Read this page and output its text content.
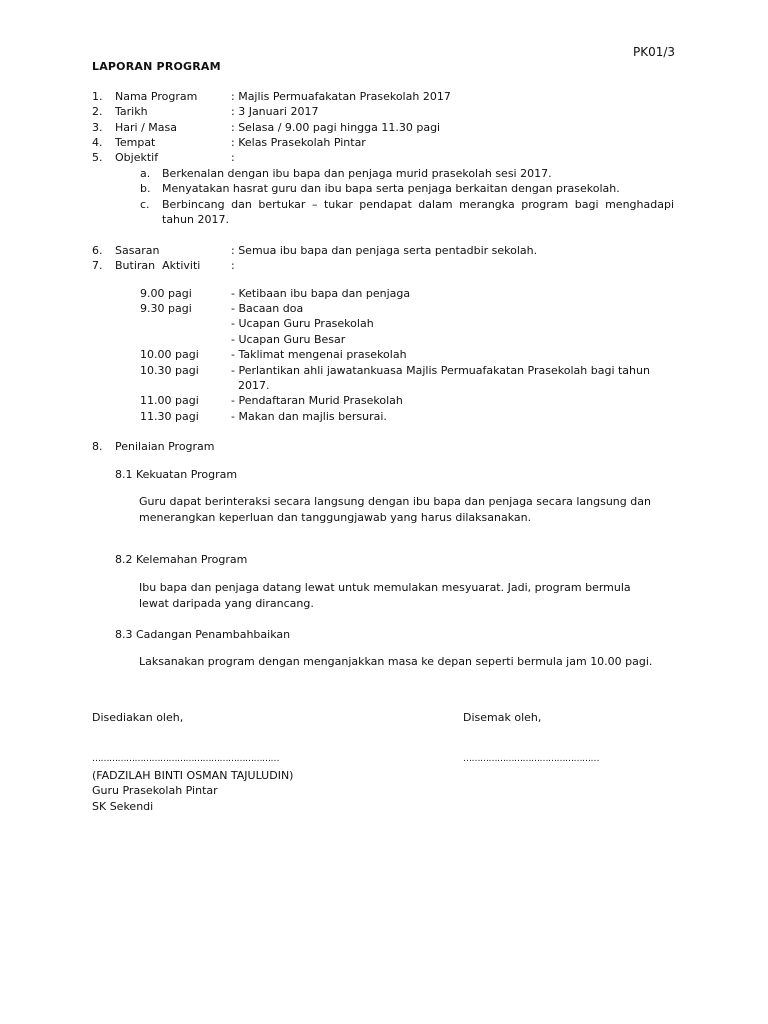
PK01/3
LAPORAN PROGRAM
1. Nama Program	: Majlis Permuafakatan Prasekolah 2017
2. Tarikh	: 3 Januari 2017
3. Hari / Masa	: Selasa / 9.00 pagi hingga 11.30 pagi
4. Tempat	: Kelas Prasekolah Pintar
5. Objektif	:
a. Berkenalan dengan ibu bapa dan penjaga murid prasekolah sesi 2017.
b. Menyatakan hasrat guru dan ibu bapa serta penjaga berkaitan dengan prasekolah.
c. Berbincang dan bertukar – tukar pendapat dalam merangka program bagi menghadapi tahun 2017.
6. Sasaran	: Semua ibu bapa dan penjaga serta pentadbir sekolah.
7. Butiran  Aktiviti	:
9.00 pagi	- Ketibaan ibu bapa dan penjaga
9.30 pagi	- Bacaan doa
- Ucapan Guru Prasekolah
- Ucapan Guru Besar
10.00 pagi	- Taklimat mengenai prasekolah
10.30 pagi	- Perlantikan ahli jawatankuasa Majlis Permuafakatan Prasekolah bagi tahun
2017.
11.00 pagi	- Pendaftaran Murid Prasekolah
11.30 pagi	- Makan dan majlis bersurai.
8. Penilaian Program
8.1 Kekuatan Program
Guru dapat berinteraksi secara langsung dengan ibu bapa dan penjaga secara langsung dan menerangkan keperluan dan tanggungjawab yang harus dilaksanakan.
8.2 Kelemahan Program
Ibu bapa dan penjaga datang lewat untuk memulakan mesyuarat. Jadi, program bermula lewat daripada yang dirancang.
8.3 Cadangan Penambahbaikan
Laksanakan program dengan menganjakkan masa ke depan seperti bermula jam 10.00 pagi.
Disediakan oleh,	Disemak oleh,
…………………………………………………………	…………………………………………
(FADZILAH BINTI OSMAN TAJULUDIN)
Guru Prasekolah Pintar
SK Sekendi
